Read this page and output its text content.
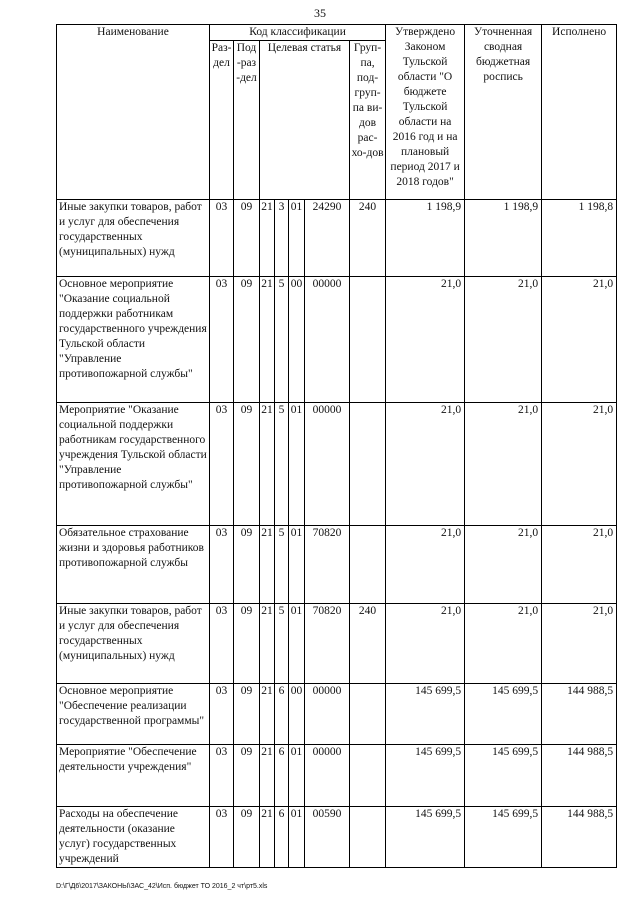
35
Наименование	Код классификации							Утверждено Законом Тульской области "О бюджете Тульской области на 2016 год и на плановый период 2017 и 2018 годов"	Уточненная сводная бюджетная роспись	Исполнено
	Раз-дел	Под-раз-дел	Целевая статья				Груп-па, под-груп-па ви-дов рас-хо-дов			
Иные закупки товаров, работ и услуг для обеспечения государственных (муниципальных) нужд	03	09	21	3	01	24290	240	1 198,9	1 198,9	1 198,8
Основное мероприятие "Оказание социальной поддержки работникам государственного учреждения Тульской области "Управление противопожарной службы"	03	09	21	5	00	00000		21,0	21,0	21,0
Мероприятие "Оказание социальной поддержки работникам государственного учреждения Тульской области "Управление противопожарной службы"	03	09	21	5	01	00000		21,0	21,0	21,0
Обязательное страхование жизни и здоровья работников противопожарной службы	03	09	21	5	01	70820		21,0	21,0	21,0
Иные закупки товаров, работ и услуг для обеспечения государственных (муниципальных) нужд	03	09	21	5	01	70820	240	21,0	21,0	21,0
Основное мероприятие "Обеспечение реализации государственной программы"	03	09	21	6	00	00000		145 699,5	145 699,5	144 988,5
Мероприятие "Обеспечение деятельности учреждения"	03	09	21	6	01	00000		145 699,5	145 699,5	144 988,5
Расходы на обеспечение деятельности (оказание услуг) государственных учреждений	03	09	21	6	01	00590		145 699,5	145 699,5	144 988,5
D:\Г\Д6\2017\ЗАКОНЫ\ЗАС_42\Исп. бюджет ТО 2016_2 чт\рт5.xls
